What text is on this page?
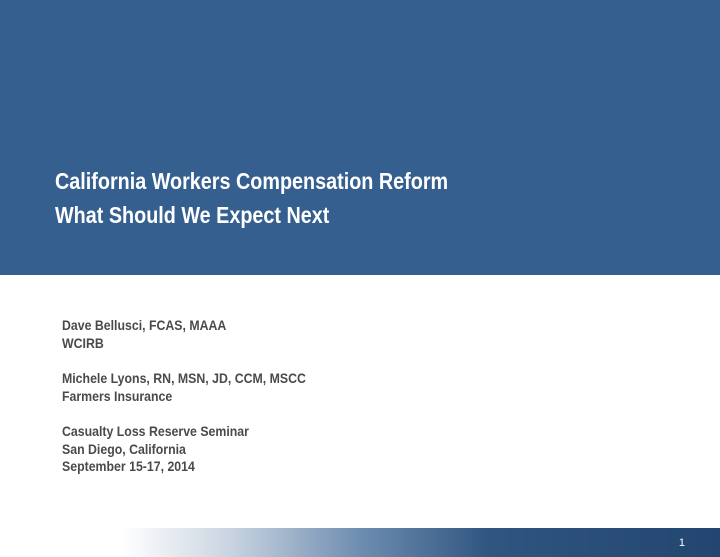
California Workers Compensation Reform
What Should We Expect Next
Dave Bellusci, FCAS, MAAA
WCIRB
Michele Lyons, RN, MSN, JD, CCM, MSCC
Farmers Insurance
Casualty Loss Reserve Seminar
San Diego, California
September 15-17, 2014
1
